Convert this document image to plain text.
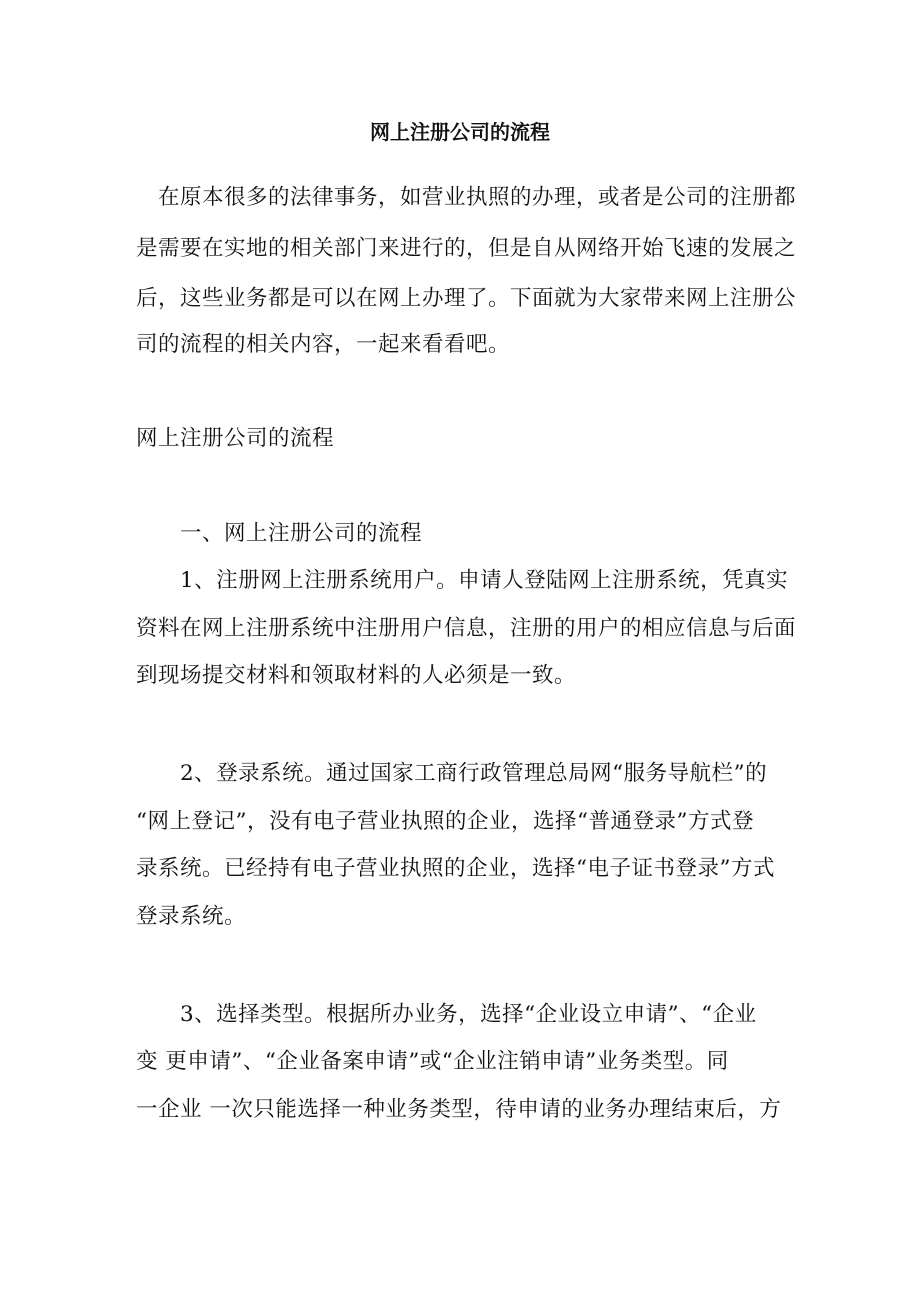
网上注册公司的流程
在原本很多的法律事务，如营业执照的办理，或者是公司的注册都
是需要在实地的相关部门来进行的，但是自从网络开始飞速的发展之
后，这些业务都是可以在网上办理了。下面就为大家带来网上注册公
司的流程的相关内容，一起来看看吧。
网上注册公司的流程
一、网上注册公司的流程
1、注册网上注册系统用户。申请人登陆网上注册系统，凭真实
资料在网上注册系统中注册用户信息，注册的用户的相应信息与后面
到现场提交材料和领取材料的人必须是一致。
2、登录系统。通过国家工商行政管理总局网“服务导航栏”的
“网上登记”，没有电子营业执照的企业，选择“普通登录”方式登
录系统。已经持有电子营业执照的企业，选择“电子证书登录”方式
登录系统。
3、选择类型。根据所办业务，选择“企业设立申请”、“企业
变 更申请”、“企业备案申请”或“企业注销申请”业务类型。同
一企业 一次只能选择一种业务类型，待申请的业务办理结束后，方
